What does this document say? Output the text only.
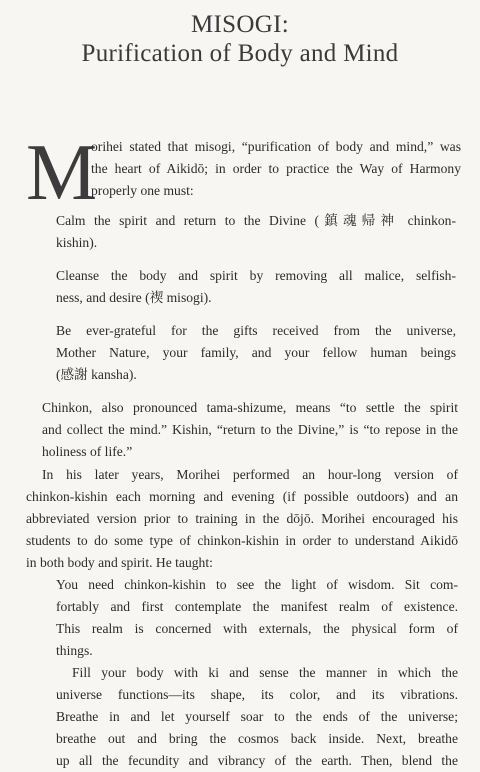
MISOGI:
Purification of Body and Mind
M
orihei stated that misogi, “purification of body and mind,” was
the heart of Aikidō; in order to practice the Way of Harmony
properly one must:
Calm the spirit and return to the Divine (鎮魂帰神 chinkon-
kishin).
Cleanse the body and spirit by removing all malice, selfish-
ness, and desire (禊 misogi).
Be ever-grateful for the gifts received from the universe,
Mother Nature, your family, and your fellow human beings
(感謝 kansha).
Chinkon, also pronounced tama-shizume, means “to settle the spirit
and collect the mind.” Kishin, “return to the Divine,” is “to repose in the
holiness of life.”
In his later years, Morihei performed an hour-long version of
chinkon-kishin each morning and evening (if possible outdoors) and an
abbreviated version prior to training in the dōjō. Morihei encouraged his
students to do some type of chinkon-kishin in order to understand Aikidō
in both body and spirit. He taught:
You need chinkon-kishin to see the light of wisdom. Sit com-
fortably and first contemplate the manifest realm of existence.
This realm is concerned with externals, the physical form of
things.
Fill your body with ki and sense the manner in which the
universe functions—its shape, its color, and its vibrations.
Breathe in and let yourself soar to the ends of the universe;
breathe out and bring the cosmos back inside. Next, breathe
up all the fecundity and vibrancy of the earth. Then, blend the
